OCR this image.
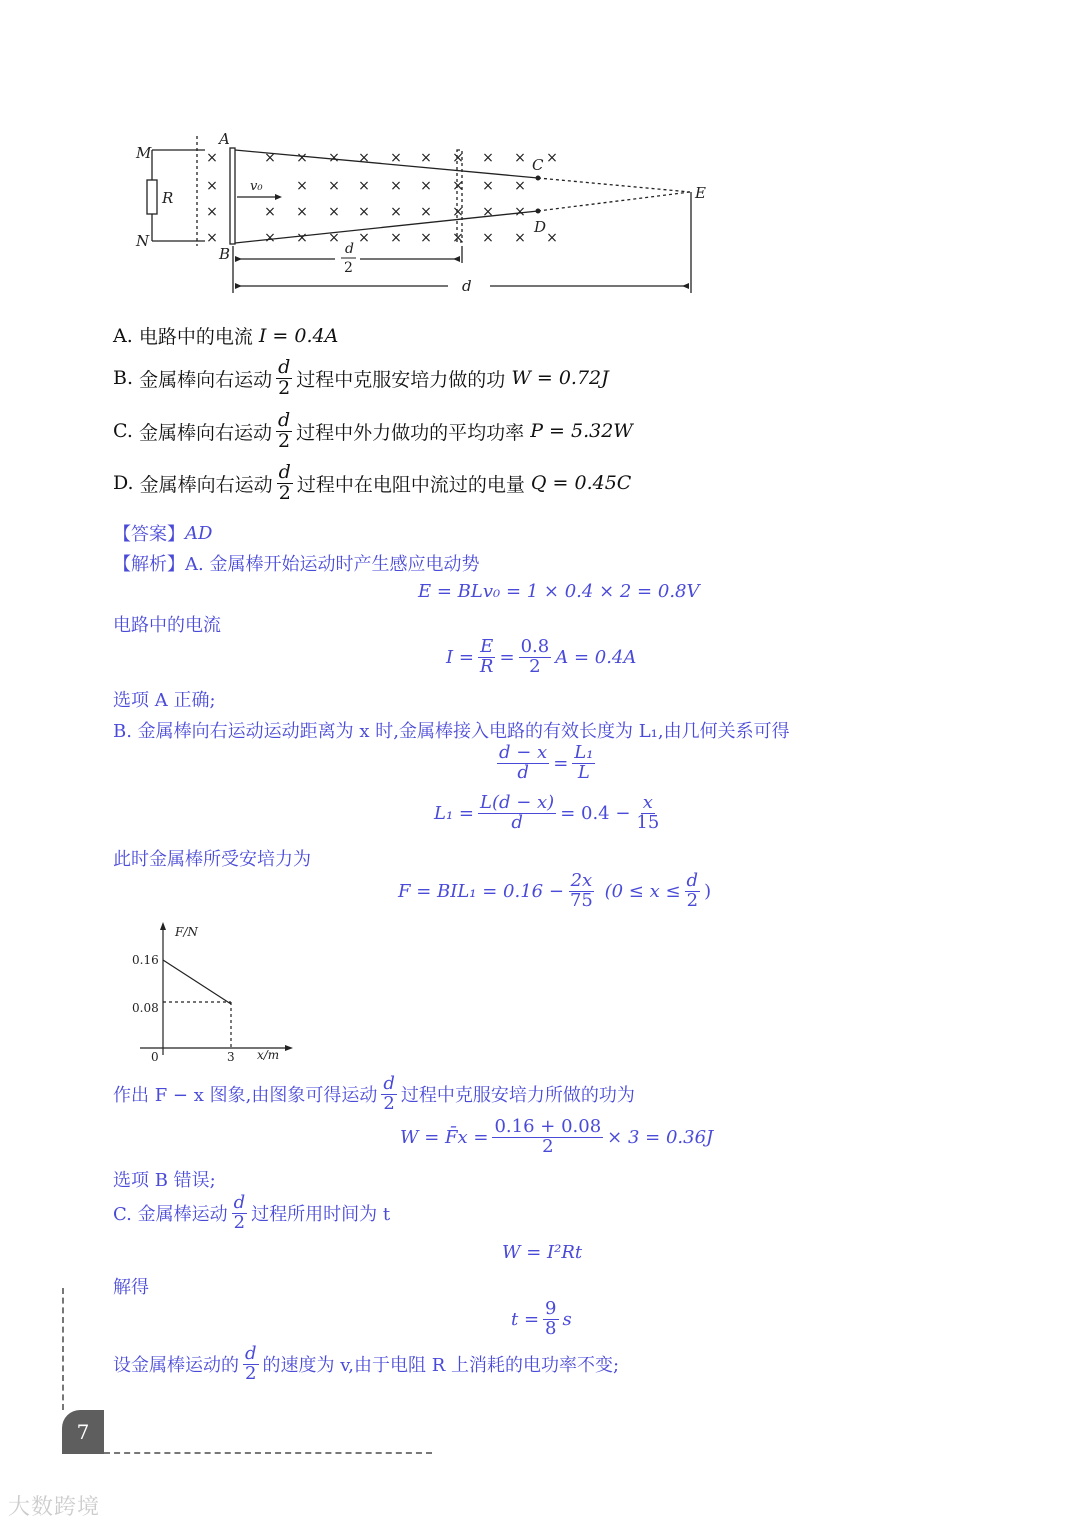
×
×
×
×
× × × × × × × × × ×
× × × × × × × ×
× × × × × × × × ×
× × × × × × × × × ×
M
N
R
A
B
C
D
E
v₀
d
2
d
A.
电路中的电流
I = 0.4A
B.
金属棒向右运动 $\frac{d}{2}$ 过程中克服安培力做的功
W = 0.72J
C.
金属棒向右运动 $\frac{d}{2}$ 过程中外力做功的平均功率
P = 5.32W
D.
金属棒向右运动 $\frac{d}{2}$ 过程中在电阻中流过的电量
Q = 0.45C
【答案】 AD
【解析】 A. 金属棒开始运动时产生感应电动势
E = BLv₀ = 1 × 0.4 × 2 = 0.8V
电路中的电流
$I = \frac{E}{R} = \frac{0.8}{2}$ A = 0.4A
选项 A 正确;
B. 金属棒向右运动运动距离为 x 时,金属棒接入电路的有效长度为 L₁,由几何关系可得
$\frac{d - x}{d} = \frac{\text{L₁}}{L}$
$L_1 = \frac{L(d - x)}{d} = 0.4 - \frac{x}{15}$
此时金属棒所受安培力为
$F = BIL_1 = 0.16 - \frac{2x}{75}$
($0 \le x \le \frac{d}{2}$ )
F/N
0.16
0.08
0	3 x/m
作出 F − x 图象,由图象可得运动 $\frac{d}{2}$ 过程中克服安培力所做的功为
W = F̄x = $\frac{0.16 + 0.08}{2} \times 3 = 0.36J$
选项 B 错误;
C. 金属棒运动 $\frac{d}{2}$ 过程所用时间为 t
W = I²Rt
解得
$t = \frac{9}{8}$ s
设金属棒运动的 $\frac{d}{2}$ 的速度为 v,由于电阻 R 上消耗的电功率不变;
7
大数跨境
